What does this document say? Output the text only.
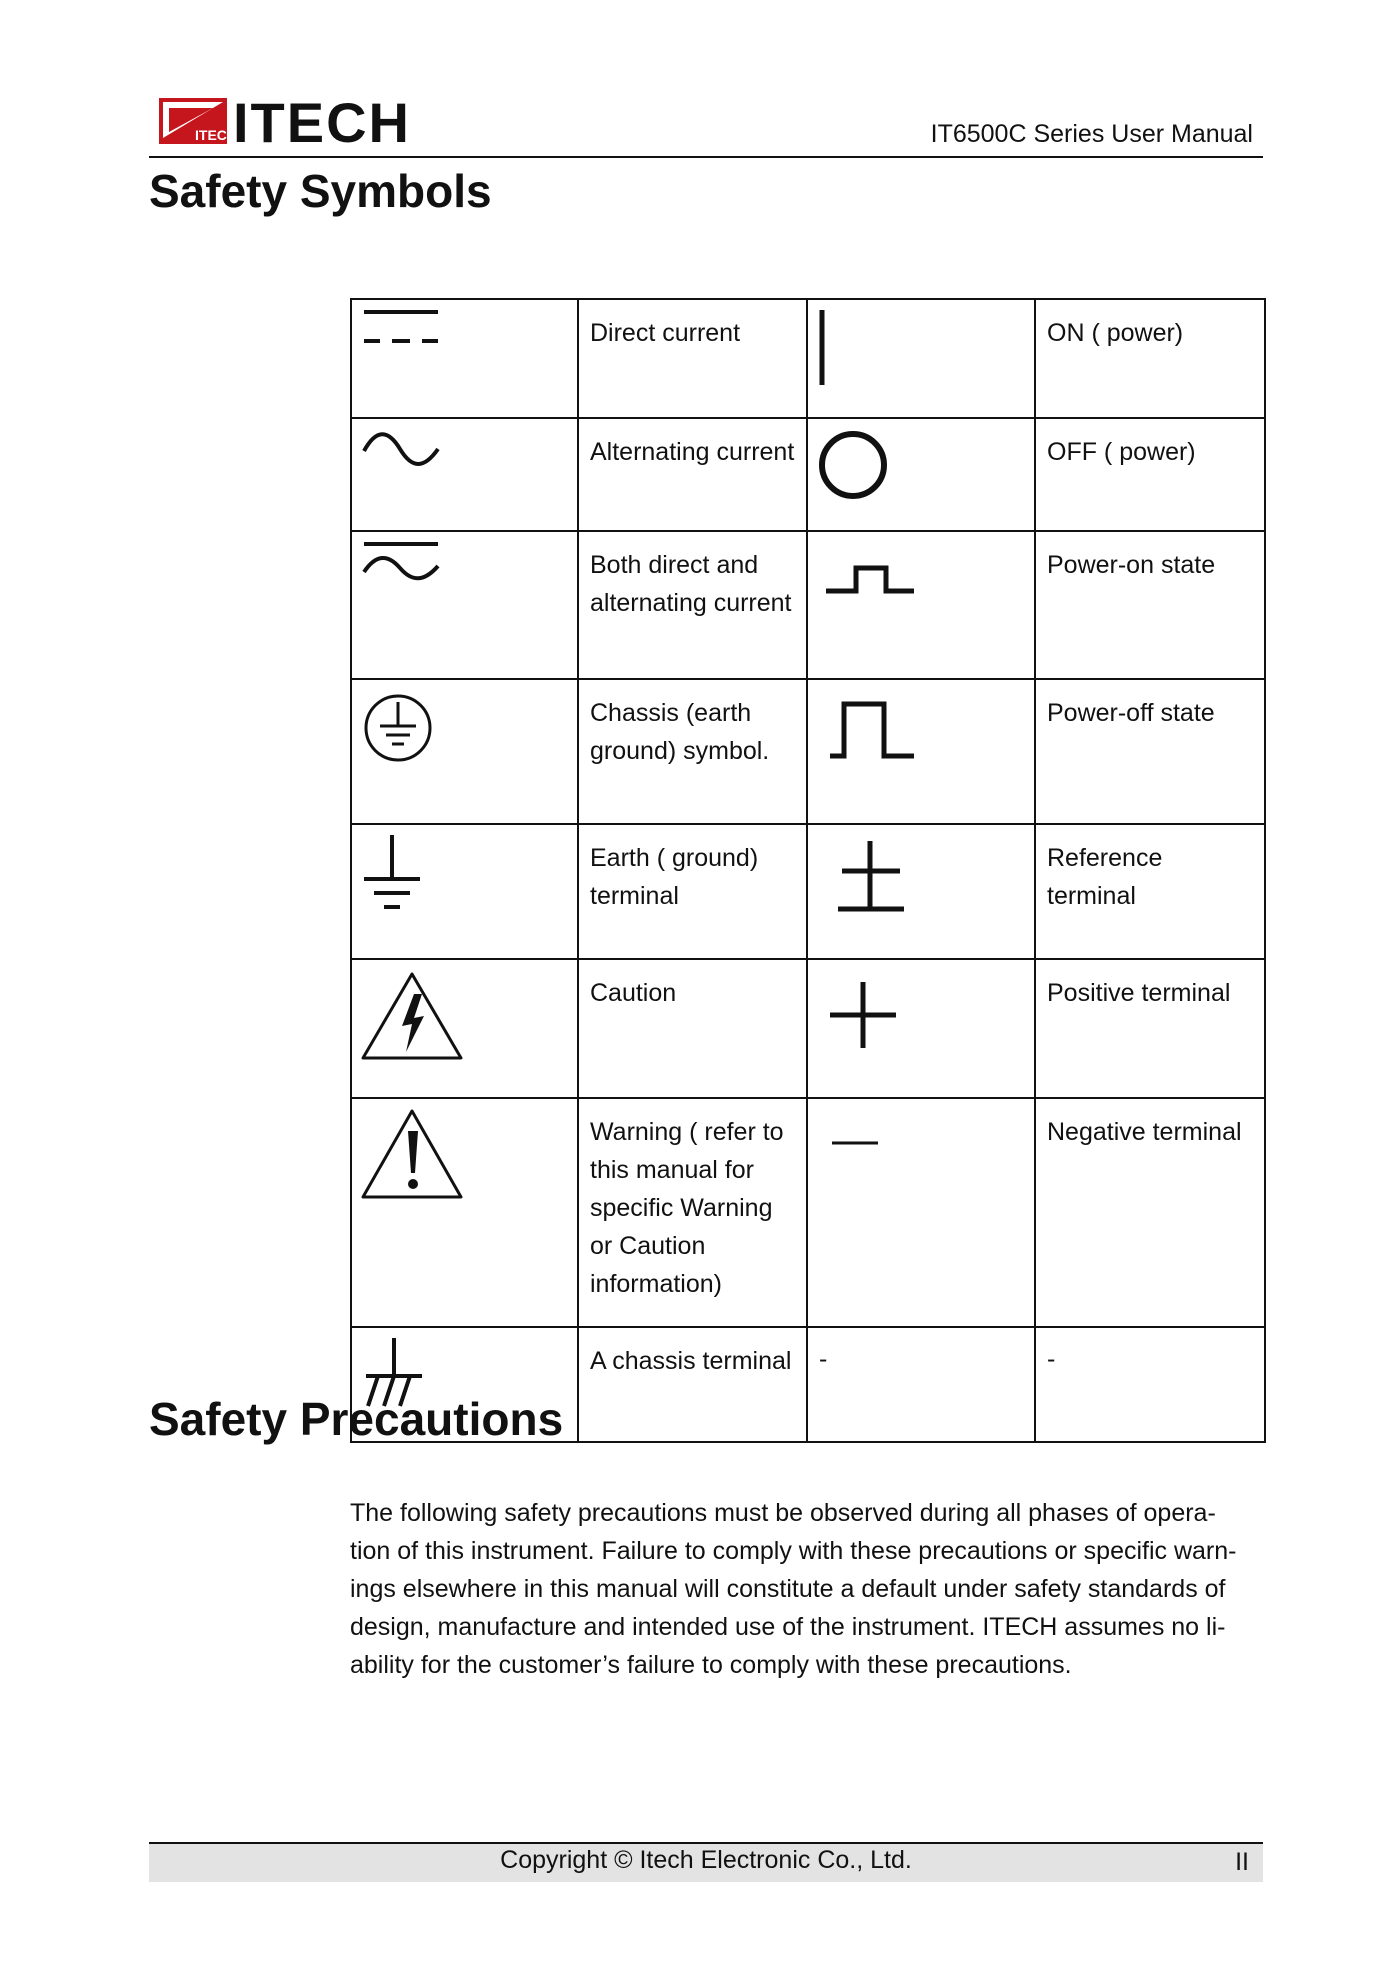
ITECH
ITECH	IT6500C Series User Manual
Safety Symbols
	Direct current		ON ( power)

	Alternating current		OFF ( power)

	Both direct and alternating current		Power-on state

	Chassis (earth ground) symbol.		Power-off state

	Earth ( ground) terminal		Reference terminal

	Caution		Positive terminal

	Warning ( refer to this manual for specific Warning or Caution information)		Negative terminal

	A chassis terminal	-	-
Safety Precautions

The following safety precautions must be observed during all phases of opera-
tion of this instrument. Failure to comply with these precautions or specific warn-
ings elsewhere in this manual will constitute a default under safety standards of
design, manufacture and intended use of the instrument. ITECH assumes no li-
ability for the customer’s failure to comply with these precautions.

Copyright © Itech Electronic Co., Ltd.	II
